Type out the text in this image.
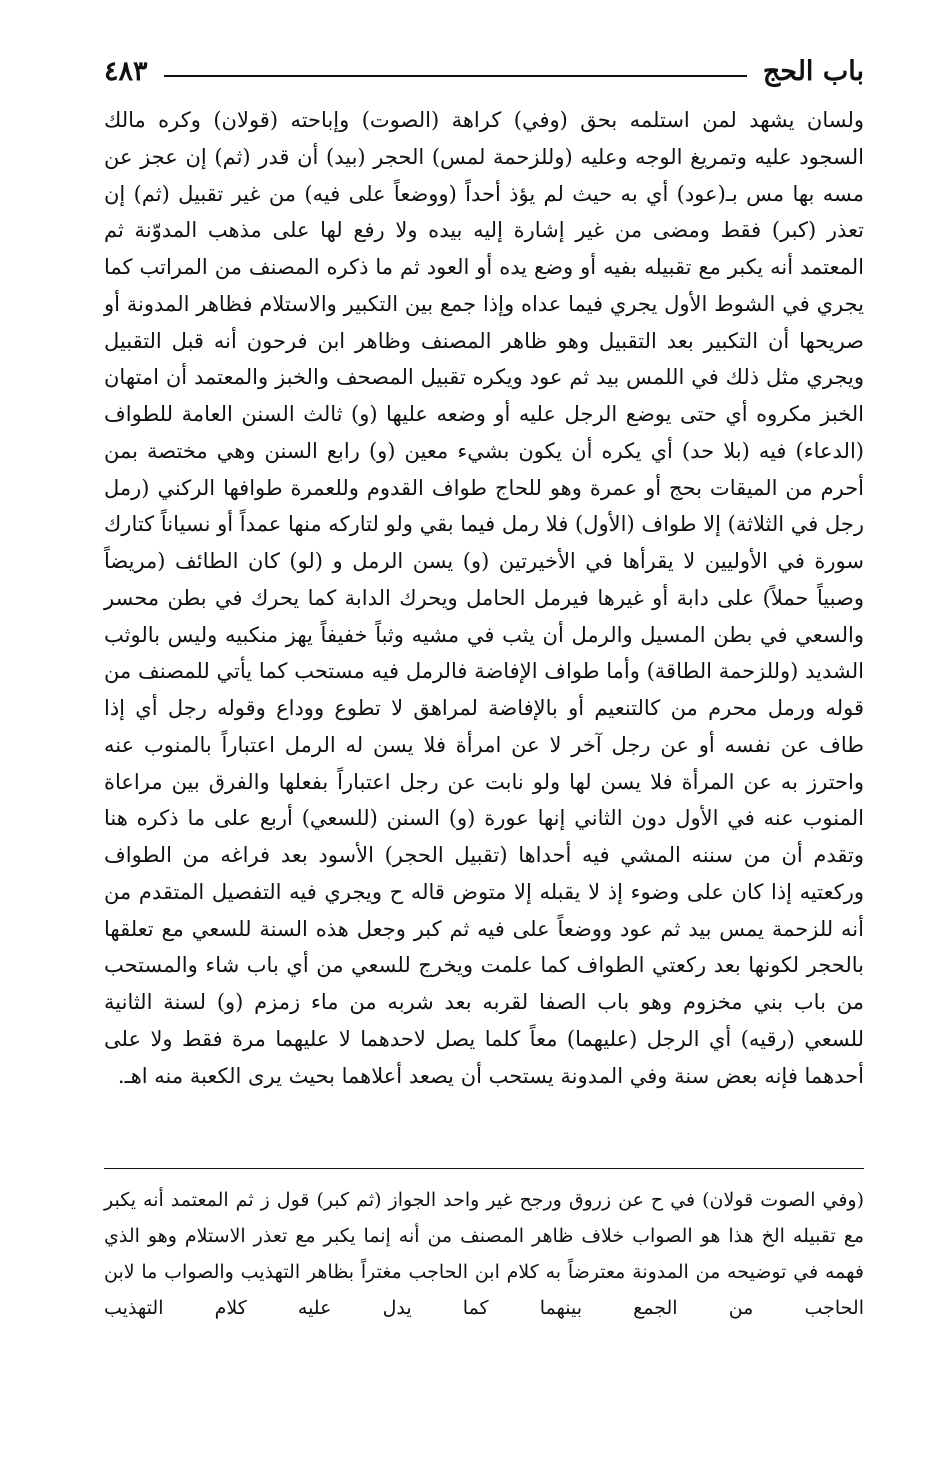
باب الحج
٤٨٣

ولسان يشهد لمن استلمه بحق (وفي) كراهة (الصوت) وإباحته (قولان) وكره مالك السجود عليه وتمريغ الوجه وعليه (وللزحمة لمس) الحجر (بيد) أن قدر (ثم) إن عجز عن مسه بها مس بـ(عود) أي به حيث لم يؤذ أحداً (ووضعاً على فيه) من غير تقبيل (ثم) إن تعذر (كبر) فقط ومضى من غير إشارة إليه بيده ولا رفع لها على مذهب المدوّنة ثم المعتمد أنه يكبر مع تقبيله بفيه أو وضع يده أو العود ثم ما ذكره المصنف من المراتب كما يجري في الشوط الأول يجري فيما عداه وإذا جمع بين التكبير والاستلام فظاهر المدونة أو صريحها أن التكبير بعد التقبيل وهو ظاهر المصنف وظاهر ابن فرحون أنه قبل التقبيل ويجري مثل ذلك في اللمس بيد ثم عود ويكره تقبيل المصحف والخبز والمعتمد أن امتهان الخبز مكروه أي حتى يوضع الرجل عليه أو وضعه عليها (و) ثالث السنن العامة للطواف (الدعاء) فيه (بلا حد) أي يكره أن يكون بشيء معين (و) رابع السنن وهي مختصة بمن أحرم من الميقات بحج أو عمرة وهو للحاج طواف القدوم وللعمرة طوافها الركني (رمل رجل في الثلاثة) إلا طواف (الأول) فلا رمل فيما بقي ولو لتاركه منها عمداً أو نسياناً كتارك سورة في الأوليين لا يقرأها في الأخيرتين (و) يسن الرمل و (لو) كان الطائف (مريضاً وصبياً حملاً) على دابة أو غيرها فيرمل الحامل ويحرك الدابة كما يحرك في بطن محسر والسعي في بطن المسيل والرمل أن يثب في مشيه وثباً خفيفاً يهز منكبيه وليس بالوثب الشديد (وللزحمة الطاقة) وأما طواف الإفاضة فالرمل فيه مستحب كما يأتي للمصنف من قوله ورمل محرم من كالتنعيم أو بالإفاضة لمراهق لا تطوع ووداع وقوله رجل أي إذا طاف عن نفسه أو عن رجل آخر لا عن امرأة فلا يسن له الرمل اعتباراً بالمنوب عنه واحترز به عن المرأة فلا يسن لها ولو نابت عن رجل اعتباراً بفعلها والفرق بين مراعاة المنوب عنه في الأول دون الثاني إنها عورة (و) السنن (للسعي) أربع على ما ذكره هنا وتقدم أن من سننه المشي فيه أحداها (تقبيل الحجر) الأسود بعد فراغه من الطواف وركعتيه إذا كان على وضوء إذ لا يقبله إلا متوض قاله ح ويجري فيه التفصيل المتقدم من أنه للزحمة يمس بيد ثم عود ووضعاً على فيه ثم كبر وجعل هذه السنة للسعي مع تعلقها بالحجر لكونها بعد ركعتي الطواف كما علمت ويخرج للسعي من أي باب شاء والمستحب من باب بني مخزوم وهو باب الصفا لقربه بعد شربه من ماء زمزم (و) لسنة الثانية للسعي (رقيه) أي الرجل (عليهما) معاً كلما يصل لاحدهما لا عليهما مرة فقط ولا على أحدهما فإنه بعض سنة وفي المدونة يستحب أن يصعد أعلاهما بحيث يرى الكعبة منه اهـ.

(وفي الصوت قولان) في ح عن زروق ورجح غير واحد الجواز (ثم كبر) قول ز ثم المعتمد أنه يكبر مع تقبيله الخ هذا هو الصواب خلاف ظاهر المصنف من أنه إنما يكبر مع تعذر الاستلام وهو الذي فهمه في توضيحه من المدونة معترضاً به كلام ابن الحاجب مغتراً بظاهر التهذيب والصواب ما لابن الحاجب من الجمع بينهما كما يدل عليه كلام التهذيب
